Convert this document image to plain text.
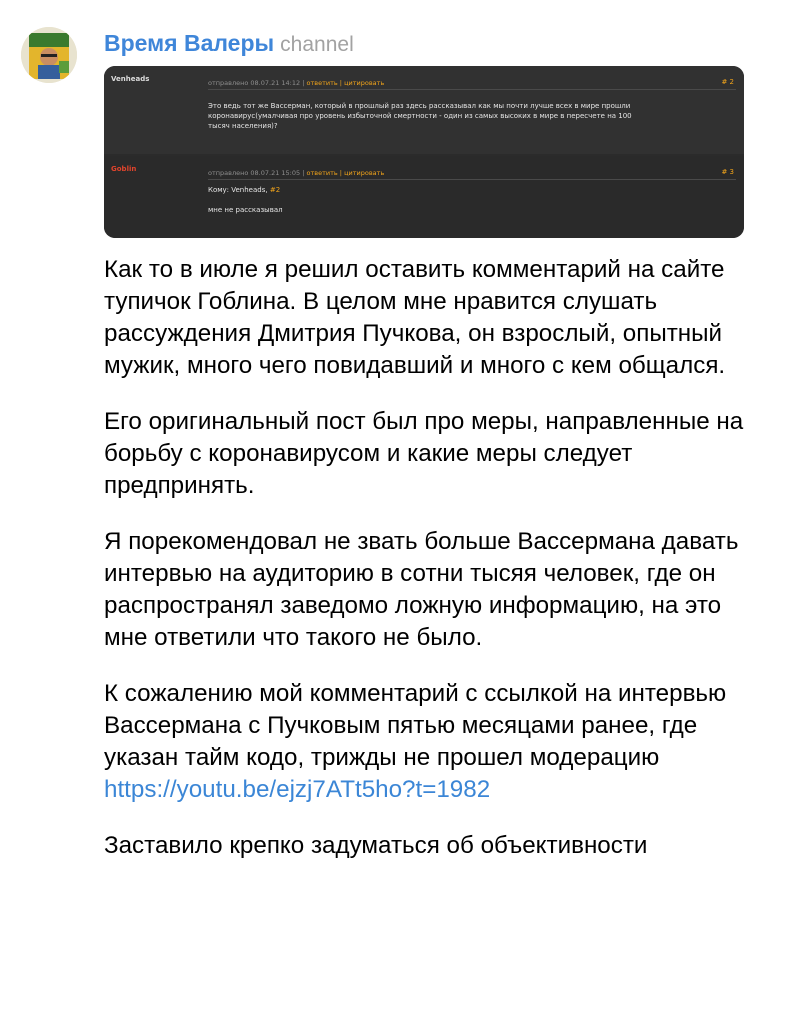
Время Валеры channel
Venheads	отправлено 08.07.21 14:12 | ответить | цитировать	# 2
Это ведь тот же Вассерман, который в прошлый раз здесь рассказывал как мы почти лучше всех в мире прошли коронавирус(умалчивая про уровень избыточной смертности - один из самых высоких в мире в пересчете на 100 тысяч населения)?
Goblin	отправлено 08.07.21 15:05 | ответить | цитировать	# 3
Кому: Venheads, #2
мне не рассказывал

Как то в июле я решил оставить комментарий на сайте тупичок Гоблина. В целом мне нравится слушать рассуждения Дмитрия Пучкова, он взрослый, опытный мужик, много чего повидавший и много с кем общался.

Его оригинальный пост был про меры, направленные на борьбу с коронавирусом и какие меры следует предпринять.

Я порекомендовал не звать больше Вассермана давать интервью на аудиторию в сотни тысяя человек, где он распространял заведомо ложную информацию, на это мне ответили что такого не было.

К сожалению мой комментарий с ссылкой на интервью Вассермана с Пучковым пятью месяцами ранее, где указан тайм кодо, трижды не прошел модерацию https://youtu.be/ejzj7ATt5ho?t=1982

Заставило крепко задуматься об объективности
